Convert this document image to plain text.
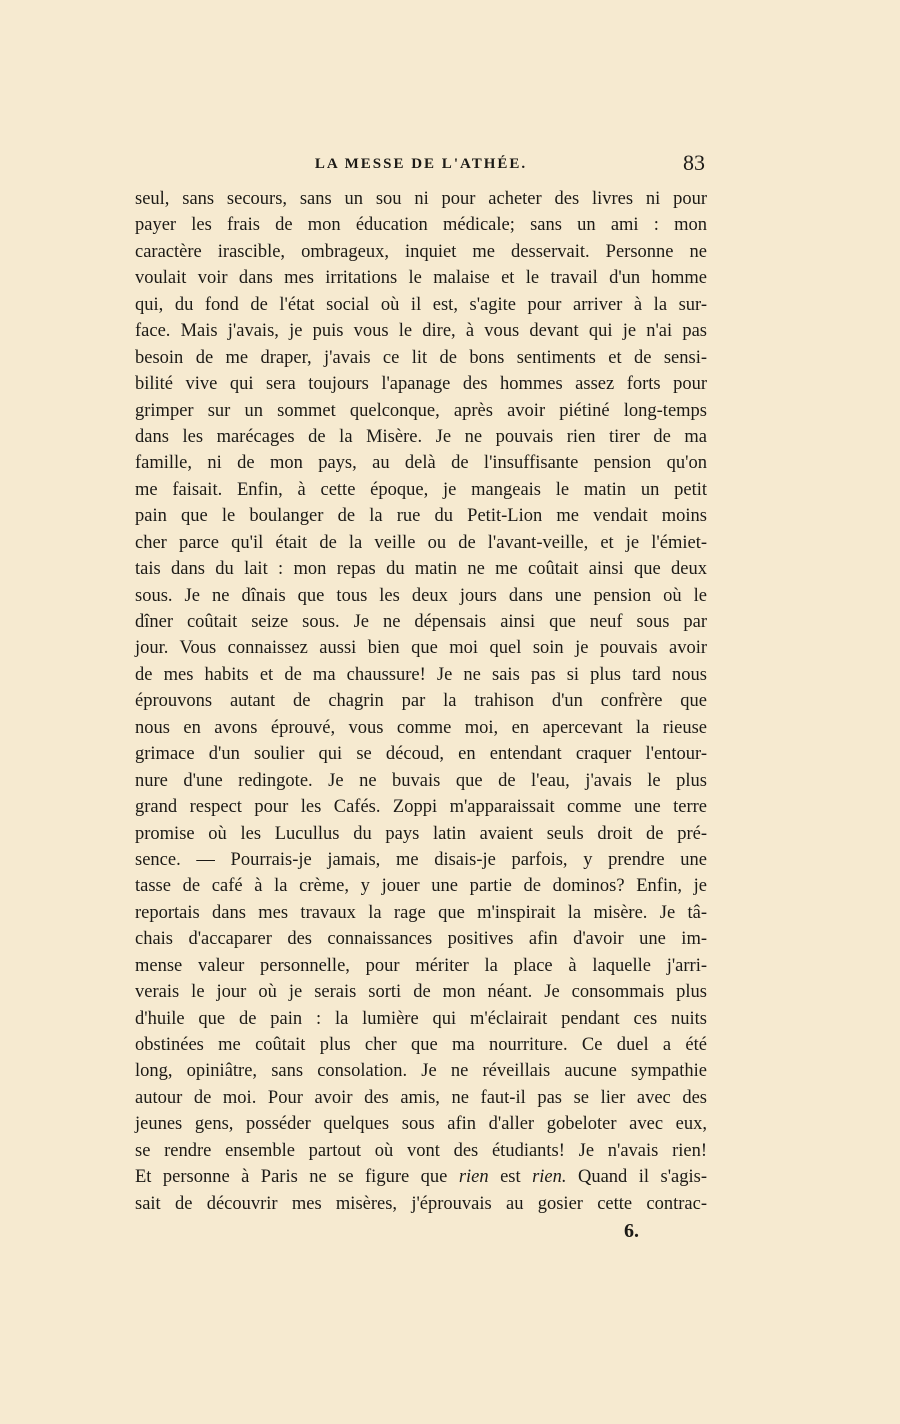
LA MESSE DE L'ATHÉE.	83
seul, sans secours, sans un sou ni pour acheter des livres ni pour
payer les frais de mon éducation médicale; sans un ami : mon
caractère irascible, ombrageux, inquiet me desservait. Personne ne
voulait voir dans mes irritations le malaise et le travail d'un homme
qui, du fond de l'état social où il est, s'agite pour arriver à la sur-
face. Mais j'avais, je puis vous le dire, à vous devant qui je n'ai pas
besoin de me draper, j'avais ce lit de bons sentiments et de sensi-
bilité vive qui sera toujours l'apanage des hommes assez forts pour
grimper sur un sommet quelconque, après avoir piétiné long-temps
dans les marécages de la Misère. Je ne pouvais rien tirer de ma
famille, ni de mon pays, au delà de l'insuffisante pension qu'on
me faisait. Enfin, à cette époque, je mangeais le matin un petit
pain que le boulanger de la rue du Petit-Lion me vendait moins
cher parce qu'il était de la veille ou de l'avant-veille, et je l'émiet-
tais dans du lait : mon repas du matin ne me coûtait ainsi que deux
sous. Je ne dînais que tous les deux jours dans une pension où le
dîner coûtait seize sous. Je ne dépensais ainsi que neuf sous par
jour. Vous connaissez aussi bien que moi quel soin je pouvais avoir
de mes habits et de ma chaussure! Je ne sais pas si plus tard nous
éprouvons autant de chagrin par la trahison d'un confrère que
nous en avons éprouvé, vous comme moi, en apercevant la rieuse
grimace d'un soulier qui se découd, en entendant craquer l'entour-
nure d'une redingote. Je ne buvais que de l'eau, j'avais le plus
grand respect pour les Cafés. Zoppi m'apparaissait comme une terre
promise où les Lucullus du pays latin avaient seuls droit de pré-
sence. — Pourrais-je jamais, me disais-je parfois, y prendre une
tasse de café à la crème, y jouer une partie de dominos? Enfin, je
reportais dans mes travaux la rage que m'inspirait la misère. Je tâ-
chais d'accaparer des connaissances positives afin d'avoir une im-
mense valeur personnelle, pour mériter la place à laquelle j'arri-
verais le jour où je serais sorti de mon néant. Je consommais plus
d'huile que de pain : la lumière qui m'éclairait pendant ces nuits
obstinées me coûtait plus cher que ma nourriture. Ce duel a été
long, opiniâtre, sans consolation. Je ne réveillais aucune sympathie
autour de moi. Pour avoir des amis, ne faut-il pas se lier avec des
jeunes gens, posséder quelques sous afin d'aller gobeloter avec eux,
se rendre ensemble partout où vont des étudiants! Je n'avais rien!
Et personne à Paris ne se figure que rien est rien. Quand il s'agis-
sait de découvrir mes misères, j'éprouvais au gosier cette contrac-
6.
